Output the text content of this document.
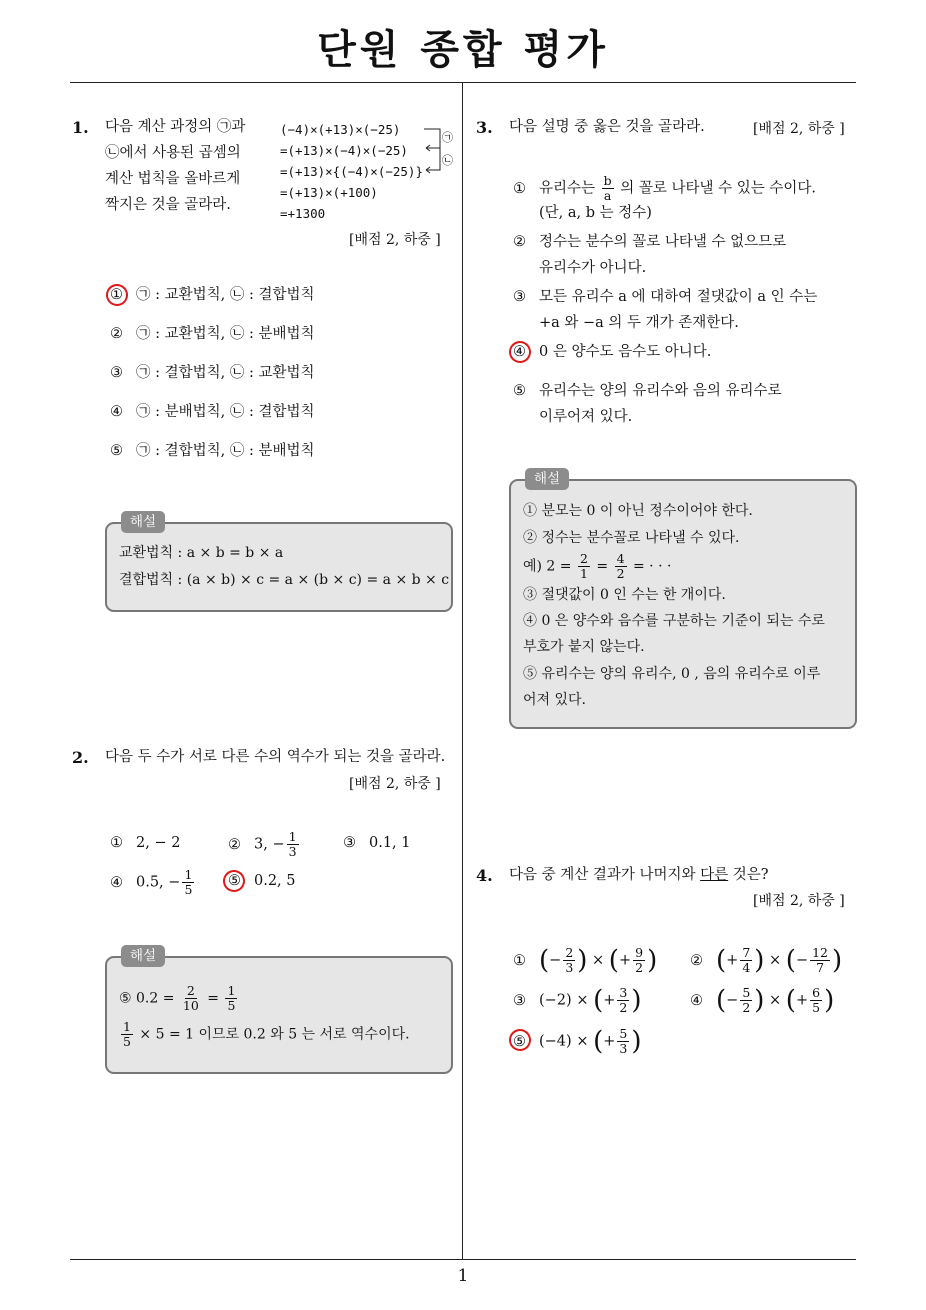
단원 종합 평가
1. 다음 계산 과정의 ㉠과
㉡에서 사용된 곱셈의
계산 법칙을 올바르게
짝지은 것을 골라라.
(−4)×(+13)×(−25)
=(+13)×(−4)×(−25)
=(+13)×{(−4)×(−25)}
=(+13)×(+100)
=+1300
㉠
㉡
[배점 2, 하중 ]
① ㉠ : 교환법칙, ㉡ : 결합법칙
② ㉠ : 교환법칙, ㉡ : 분배법칙
③ ㉠ : 결합법칙, ㉡ : 교환법칙
④ ㉠ : 분배법칙, ㉡ : 결합법칙
⑤ ㉠ : 결합법칙, ㉡ : 분배법칙
해설
교환법칙 : a × b = b × a
결합법칙 : (a × b) × c = a × (b × c) = a × b × c
2. 다음 두 수가 서로 다른 수의 역수가 되는 것을 골라라.
[배점 2, 하중 ]
① 2, − 2	② 3, − $\frac{1}{3}$	③ 0.1, 1
④ 0.5, − $\frac{1}{5}$ ⑤ 0.2, 5
해설
⑤ $0.2 = \frac{2}{10} = \frac{1}{5}$
$\frac{1}{5} \times 5 = 1$ 이므로 0.2 와 5 는 서로 역수이다.
3. 다음 설명 중 옳은 것을 골라라.	[배점 2, 하중 ]
① 유리수는 $\frac{b}{a}$ 의 꼴로 나타낼 수 있는 수이다.
(단, a, b 는 정수)
② 정수는 분수의 꼴로 나타낼 수 없으므로
유리수가 아니다.
③ 모든 유리수 a 에 대하여 절댓값이 a 인 수는
+a 와 −a 의 두 개가 존재한다.
④ 0 은 양수도 음수도 아니다.
⑤ 유리수는 양의 유리수와 음의 유리수로
이루어져 있다.
해설
① 분모는 0 이 아닌 정수이어야 한다.
② 정수는 분수꼴로 나타낼 수 있다.
예) $2 = \frac{2}{1} = \frac{4}{2}$ = · · ·
③ 절댓값이 0 인 수는 한 개이다.
④ 0 은 양수와 음수를 구분하는 기준이 되는 수로
부호가 붙지 않는다.
⑤ 유리수는 양의 유리수, 0 , 음의 유리수로 이루
어져 있다.
4. 다음 중 계산 결과가 나머지와 다른 것은?
[배점 2, 하중 ]
① (− $\frac{2}{3}$ ) × (+ $\frac{9}{2}$ ) ② (+ $\frac{7}{4}$ ) × (− $\frac{12}{7}$ )
③ (−2) × (+ $\frac{3}{2}$ )	④ (− $\frac{5}{2}$ ) × (+ $\frac{6}{5}$ )
⑤ (−4) × (+ $\frac{5}{3}$ )
1
